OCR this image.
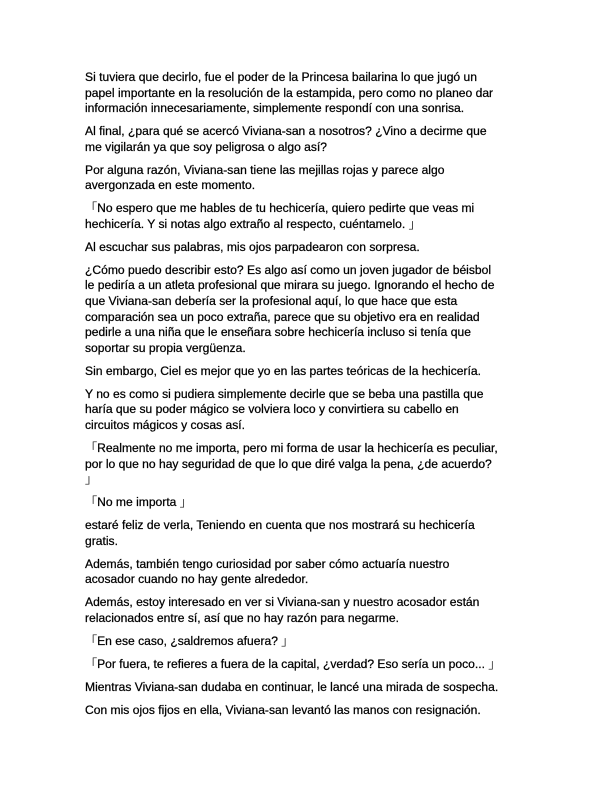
Si tuviera que decirlo, fue el poder de la Princesa bailarina lo que jugó un
papel importante en la resolución de la estampida, pero como no planeo dar
información innecesariamente, simplemente respondí con una sonrisa.

Al final, ¿para qué se acercó Viviana-san a nosotros? ¿Vino a decirme que
me vigilarán ya que soy peligrosa o algo así?

Por alguna razón, Viviana-san tiene las mejillas rojas y parece algo
avergonzada en este momento.

「No espero que me hables de tu hechicería, quiero pedirte que veas mi
hechicería. Y si notas algo extraño al respecto, cuéntamelo. 」

Al escuchar sus palabras, mis ojos parpadearon con sorpresa.

¿Cómo puedo describir esto? Es algo así como un joven jugador de béisbol
le pediría a un atleta profesional que mirara su juego. Ignorando el hecho de
que Viviana-san debería ser la profesional aquí, lo que hace que esta
comparación sea un poco extraña, parece que su objetivo era en realidad
pedirle a una niña que le enseñara sobre hechicería incluso si tenía que
soportar su propia vergüenza.

Sin embargo, Ciel es mejor que yo en las partes teóricas de la hechicería.

Y no es como si pudiera simplemente decirle que se beba una pastilla que
haría que su poder mágico se volviera loco y convirtiera su cabello en
circuitos mágicos y cosas así.

「Realmente no me importa, pero mi forma de usar la hechicería es peculiar,
por lo que no hay seguridad de que lo que diré valga la pena, ¿de acuerdo?
」

「No me importa 」

estaré feliz de verla, Teniendo en cuenta que nos mostrará su hechicería
gratis.

Además, también tengo curiosidad por saber cómo actuaría nuestro
acosador cuando no hay gente alrededor.

Además, estoy interesado en ver si Viviana-san y nuestro acosador están
relacionados entre sí, así que no hay razón para negarme.

「En ese caso, ¿saldremos afuera? 」

「Por fuera, te refieres a fuera de la capital, ¿verdad? Eso sería un poco... 」

Mientras Viviana-san dudaba en continuar, le lancé una mirada de sospecha.

Con mis ojos fijos en ella, Viviana-san levantó las manos con resignación.
